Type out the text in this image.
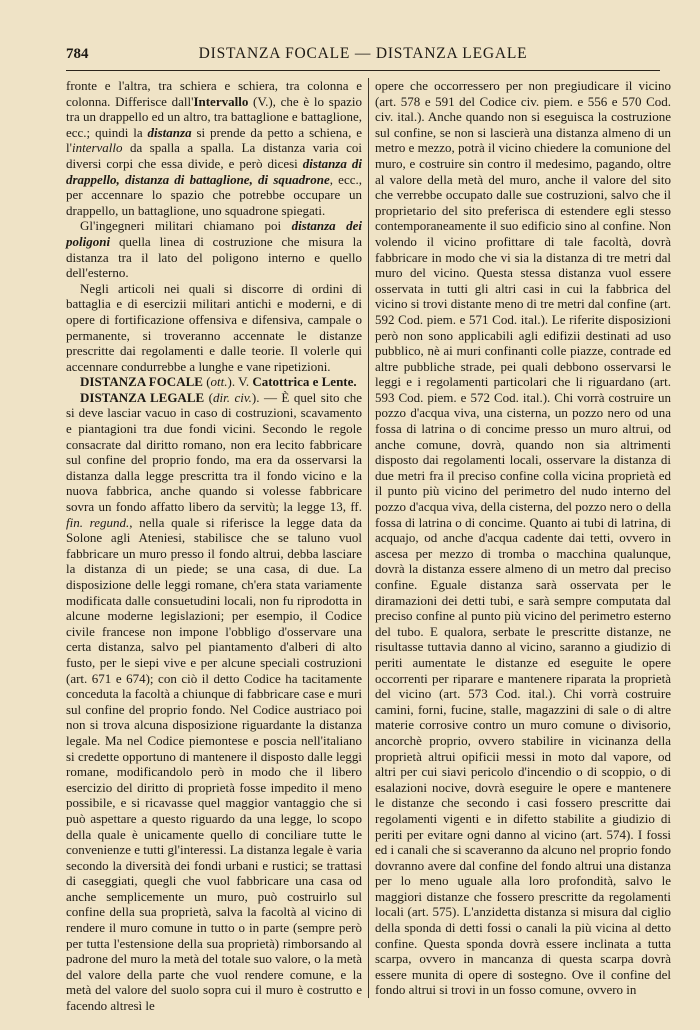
784	DISTANZA FOCALE — DISTANZA LEGALE

fronte e l'altra, tra schiera e schiera, tra colonna e colonna. Differisce dall'Intervallo (V.), che è lo spazio tra un drappello ed un altro, tra battaglione e battaglione, ecc.; quindi la distanza si prende da petto a schiena, e l'intervallo da spalla a spalla. La distanza varia coi diversi corpi che essa divide, e però dicesi distanza di drappello, distanza di battaglione, di squadrone, ecc., per accennare lo spazio che potrebbe occupare un drappello, un battaglione, uno squadrone spiegati.

Gl'ingegneri militari chiamano poi distanza dei poligoni quella linea di costruzione che misura la distanza tra il lato del poligono interno e quello dell'esterno.

Negli articoli nei quali si discorre di ordini di battaglia e di esercizii militari antichi e moderni, e di opere di fortificazione offensiva e difensiva, campale o permanente, si troveranno accennate le distanze prescritte dai regolamenti e dalle teorie. Il volerle qui accennare condurrebbe a lunghe e vane ripetizioni.

DISTANZA FOCALE (ott.). V. Catottrica e Lente.

DISTANZA LEGALE (dir. civ.). — È quel sito che si deve lasciar vacuo in caso di costruzioni, scavamento e piantagioni tra due fondi vicini. Secondo le regole consacrate dal diritto romano, non era lecito fabbricare sul confine del proprio fondo, ma era da osservarsi la distanza dalla legge prescritta tra il fondo vicino e la nuova fabbrica, anche quando si volesse fabbricare sovra un fondo affatto libero da servitù; la legge 13, ff. fin. regund., nella quale si riferisce la legge data da Solone agli Ateniesi, stabilisce che se taluno vuol fabbricare un muro presso il fondo altrui, debba lasciare la distanza di un piede; se una casa, di due. La disposizione delle leggi romane, ch'era stata variamente modificata dalle consuetudini locali, non fu riprodotta in alcune moderne legislazioni; per esempio, il Codice civile francese non impone l'obbligo d'osservare una certa distanza, salvo pel piantamento d'alberi di alto fusto, per le siepi vive e per alcune speciali costruzioni (art. 671 e 674); con ciò il detto Codice ha tacitamente conceduta la facoltà a chiunque di fabbricare case e muri sul confine del proprio fondo. Nel Codice austriaco poi non si trova alcuna disposizione riguardante la distanza legale. Ma nel Codice piemontese e poscia nell'italiano si credette opportuno di mantenere il disposto dalle leggi romane, modificandolo però in modo che il libero esercizio del diritto di proprietà fosse impedito il meno possibile, e si ricavasse quel maggior vantaggio che si può aspettare a questo riguardo da una legge, lo scopo della quale è unicamente quello di conciliare tutte le convenienze e tutti gl'interessi. La distanza legale è varia secondo la diversità dei fondi urbani e rustici; se trattasi di caseggiati, quegli che vuol fabbricare una casa od anche semplicemente un muro, può costruirlo sul confine della sua proprietà, salva la facoltà al vicino di rendere il muro comune in tutto o in parte (sempre però per tutta l'estensione della sua proprietà) rimborsando al padrone del muro la metà del totale suo valore, o la metà del valore della parte che vuol rendere comune, e la metà del valore del suolo sopra cui il muro è costrutto e facendo altresì le

opere che occorressero per non pregiudicare il vicino (art. 578 e 591 del Codice civ. piem. e 556 e 570 Cod. civ. ital.). Anche quando non si eseguisca la costruzione sul confine, se non si lascierà una distanza almeno di un metro e mezzo, potrà il vicino chiedere la comunione del muro, e costruire sin contro il medesimo, pagando, oltre al valore della metà del muro, anche il valore del sito che verrebbe occupato dalle sue costruzioni, salvo che il proprietario del sito preferisca di estendere egli stesso contemporaneamente il suo edificio sino al confine. Non volendo il vicino profittare di tale facoltà, dovrà fabbricare in modo che vi sia la distanza di tre metri dal muro del vicino. Questa stessa distanza vuol essere osservata in tutti gli altri casi in cui la fabbrica del vicino si trovi distante meno di tre metri dal confine (art. 592 Cod. piem. e 571 Cod. ital.). Le riferite disposizioni però non sono applicabili agli edifizii destinati ad uso pubblico, nè ai muri confinanti colle piazze, contrade ed altre pubbliche strade, pei quali debbono osservarsi le leggi e i regolamenti particolari che li riguardano (art. 593 Cod. piem. e 572 Cod. ital.). Chi vorrà costruire un pozzo d'acqua viva, una cisterna, un pozzo nero od una fossa di latrina o di concime presso un muro altrui, od anche comune, dovrà, quando non sia altrimenti disposto dai regolamenti locali, osservare la distanza di due metri fra il preciso confine colla vicina proprietà ed il punto più vicino del perimetro del nudo interno del pozzo d'acqua viva, della cisterna, del pozzo nero o della fossa di latrina o di concime. Quanto ai tubi di latrina, di acquajo, od anche d'acqua cadente dai tetti, ovvero in ascesa per mezzo di tromba o macchina qualunque, dovrà la distanza essere almeno di un metro dal preciso confine. Eguale distanza sarà osservata per le diramazioni dei detti tubi, e sarà sempre computata dal preciso confine al punto più vicino del perimetro esterno del tubo. E qualora, serbate le prescritte distanze, ne risultasse tuttavia danno al vicino, saranno a giudizio di periti aumentate le distanze ed eseguite le opere occorrenti per riparare e mantenere riparata la proprietà del vicino (art. 573 Cod. ital.). Chi vorrà costruire camini, forni, fucine, stalle, magazzini di sale o di altre materie corrosive contro un muro comune o divisorio, ancorchè proprio, ovvero stabilire in vicinanza della proprietà altrui opificii messi in moto dal vapore, od altri per cui siavi pericolo d'incendio o di scoppio, o di esalazioni nocive, dovrà eseguire le opere e mantenere le distanze che secondo i casi fossero prescritte dai regolamenti vigenti e in difetto stabilite a giudizio di periti per evitare ogni danno al vicino (art. 574). I fossi ed i canali che si scaveranno da alcuno nel proprio fondo dovranno avere dal confine del fondo altrui una distanza per lo meno uguale alla loro profondità, salvo le maggiori distanze che fossero prescritte da regolamenti locali (art. 575). L'anzidetta distanza si misura dal ciglio della sponda di detti fossi o canali la più vicina al detto confine. Questa sponda dovrà essere inclinata a tutta scarpa, ovvero in mancanza di questa scarpa dovrà essere munita di opere di sostegno. Ove il confine del fondo altrui si trovi in un fosso comune, ovvero in
